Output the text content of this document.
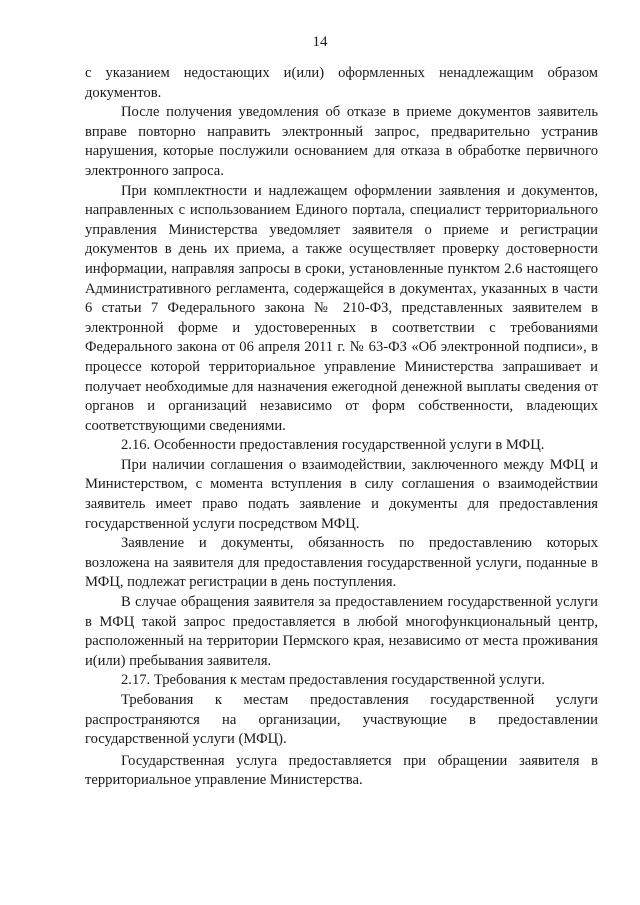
14

с указанием недостающих и(или) оформленных ненадлежащим образом документов.

После получения уведомления об отказе в приеме документов заявитель вправе повторно направить электронный запрос, предварительно устранив нарушения, которые послужили основанием для отказа в обработке первичного электронного запроса.

При комплектности и надлежащем оформлении заявления и документов, направленных с использованием Единого портала, специалист территориального управления Министерства уведомляет заявителя о приеме и регистрации документов в день их приема, а также осуществляет проверку достоверности информации, направляя запросы в сроки, установленные пунктом 2.6 настоящего Административного регламента, содержащейся в документах, указанных в части 6 статьи 7 Федерального закона № 210-ФЗ, представленных заявителем в электронной форме и удостоверенных в соответствии с требованиями Федерального закона от 06 апреля 2011 г. № 63-ФЗ «Об электронной подписи», в процессе которой территориальное управление Министерства запрашивает и получает необходимые для назначения ежегодной денежной выплаты сведения от органов и организаций независимо от форм собственности, владеющих соответствующими сведениями.

2.16. Особенности предоставления государственной услуги в МФЦ.

При наличии соглашения о взаимодействии, заключенного между МФЦ и Министерством, с момента вступления в силу соглашения о взаимодействии заявитель имеет право подать заявление и документы для предоставления государственной услуги посредством МФЦ.

Заявление и документы, обязанность по предоставлению которых возложена на заявителя для предоставления государственной услуги, поданные в МФЦ, подлежат регистрации в день поступления.

В случае обращения заявителя за предоставлением государственной услуги в МФЦ такой запрос предоставляется в любой многофункциональный центр, расположенный на территории Пермского края, независимо от места проживания и(или) пребывания заявителя.

2.17. Требования к местам предоставления государственной услуги.

Требования к местам предоставления государственной услуги распространяются на организации, участвующие в предоставлении государственной услуги (МФЦ).

Государственная услуга предоставляется при обращении заявителя в территориальное управление Министерства.
